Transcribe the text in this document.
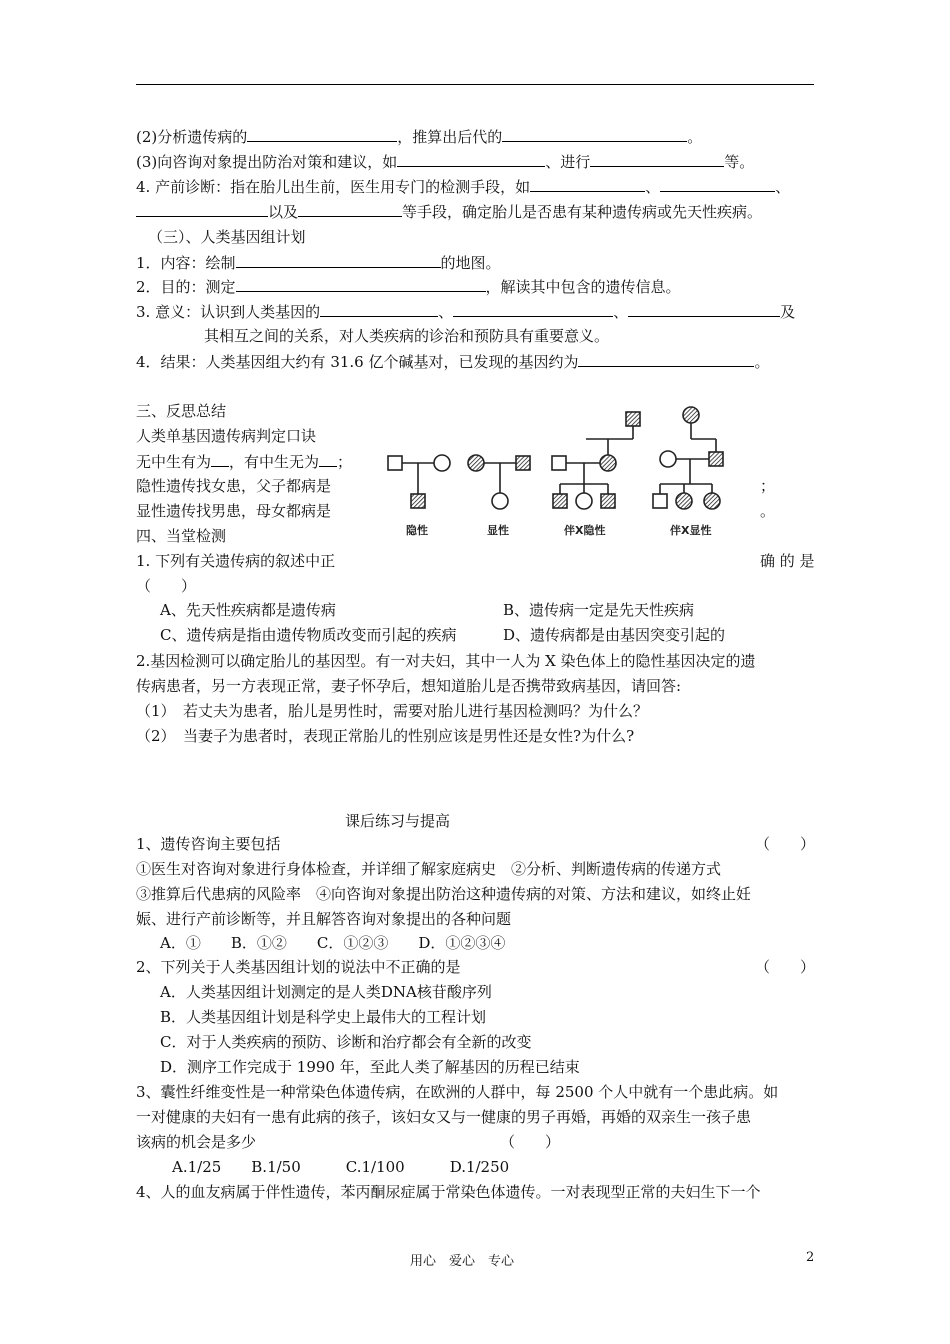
(2)分析遗传病的	，推算出后代的	。
(3)向咨询对象提出防治对策和建议，如	、进行	等。
4. 产前诊断：指在胎儿出生前，医生用专门的检测手段，如	、	、
以及	等手段，确定胎儿是否患有某种遗传病或先天性疾病。
（三）、人类基因组计划
1．内容：绘制	的地图。
2．目的：测定	，解读其中包含的遗传信息。
3. 意义：认识到人类基因的	、	、	及
其相互之间的关系，对人类疾病的诊治和预防具有重要意义。
4．结果：人类基因组大约有 31.6 亿个碱基对，已发现的基因约为	。
三、反思总结
人类单基因遗传病判定口诀
无中生有为 ，有中生无为 ；
隐性遗传找女患，父子都病是	；
显性遗传找男患，母女都病是	。
四、当堂检测
1. 下列有关遗传病的叙述中正	确 的 是
（　　）
隐性	显性	伴X隐性	伴X显性
A、先天性疾病都是遗传病	B、遗传病一定是先天性疾病
C、遗传病是指由遗传物质改变而引起的疾病	D、遗传病都是由基因突变引起的
2.基因检测可以确定胎儿的基因型。有一对夫妇，其中一人为 X 染色体上的隐性基因决定的遗
传病患者，另一方表现正常，妻子怀孕后，想知道胎儿是否携带致病基因，请回答:
（1）　若丈夫为患者，胎儿是男性时，需要对胎儿进行基因检测吗？为什么？
（2）　当妻子为患者时，表现正常胎儿的性别应该是男性还是女性?为什么?
课后练习与提高
1、遗传咨询主要包括	（　　）
①医生对咨询对象进行身体检查，并详细了解家庭病史　②分析、判断遗传病的传递方式
③推算后代患病的风险率　④向咨询对象提出防治这种遗传病的对策、方法和建议，如终止妊
娠、进行产前诊断等，并且解答咨询对象提出的各种问题
A．①　　B．①②　　C．①②③　　D．①②③④
2、下列关于人类基因组计划的说法中不正确的是	（　　）
A．人类基因组计划测定的是人类DNA核苷酸序列
B．人类基因组计划是科学史上最伟大的工程计划
C．对于人类疾病的预防、诊断和治疗都会有全新的改变
D．测序工作完成于 1990 年，至此人类了解基因的历程已结束
3、囊性纤维变性是一种常染色体遗传病，在欧洲的人群中，每 2500 个人中就有一个患此病。如
一对健康的夫妇有一患有此病的孩子，该妇女又与一健康的男子再婚，再婚的双亲生一孩子患
该病的机会是多少	（　　）
A.1/25　　B.1/50　　　C.1/100　　　D.1/250
4、人的血友病属于伴性遗传，苯丙酮尿症属于常染色体遗传。一对表现型正常的夫妇生下一个
用心　爱心　专心	2
